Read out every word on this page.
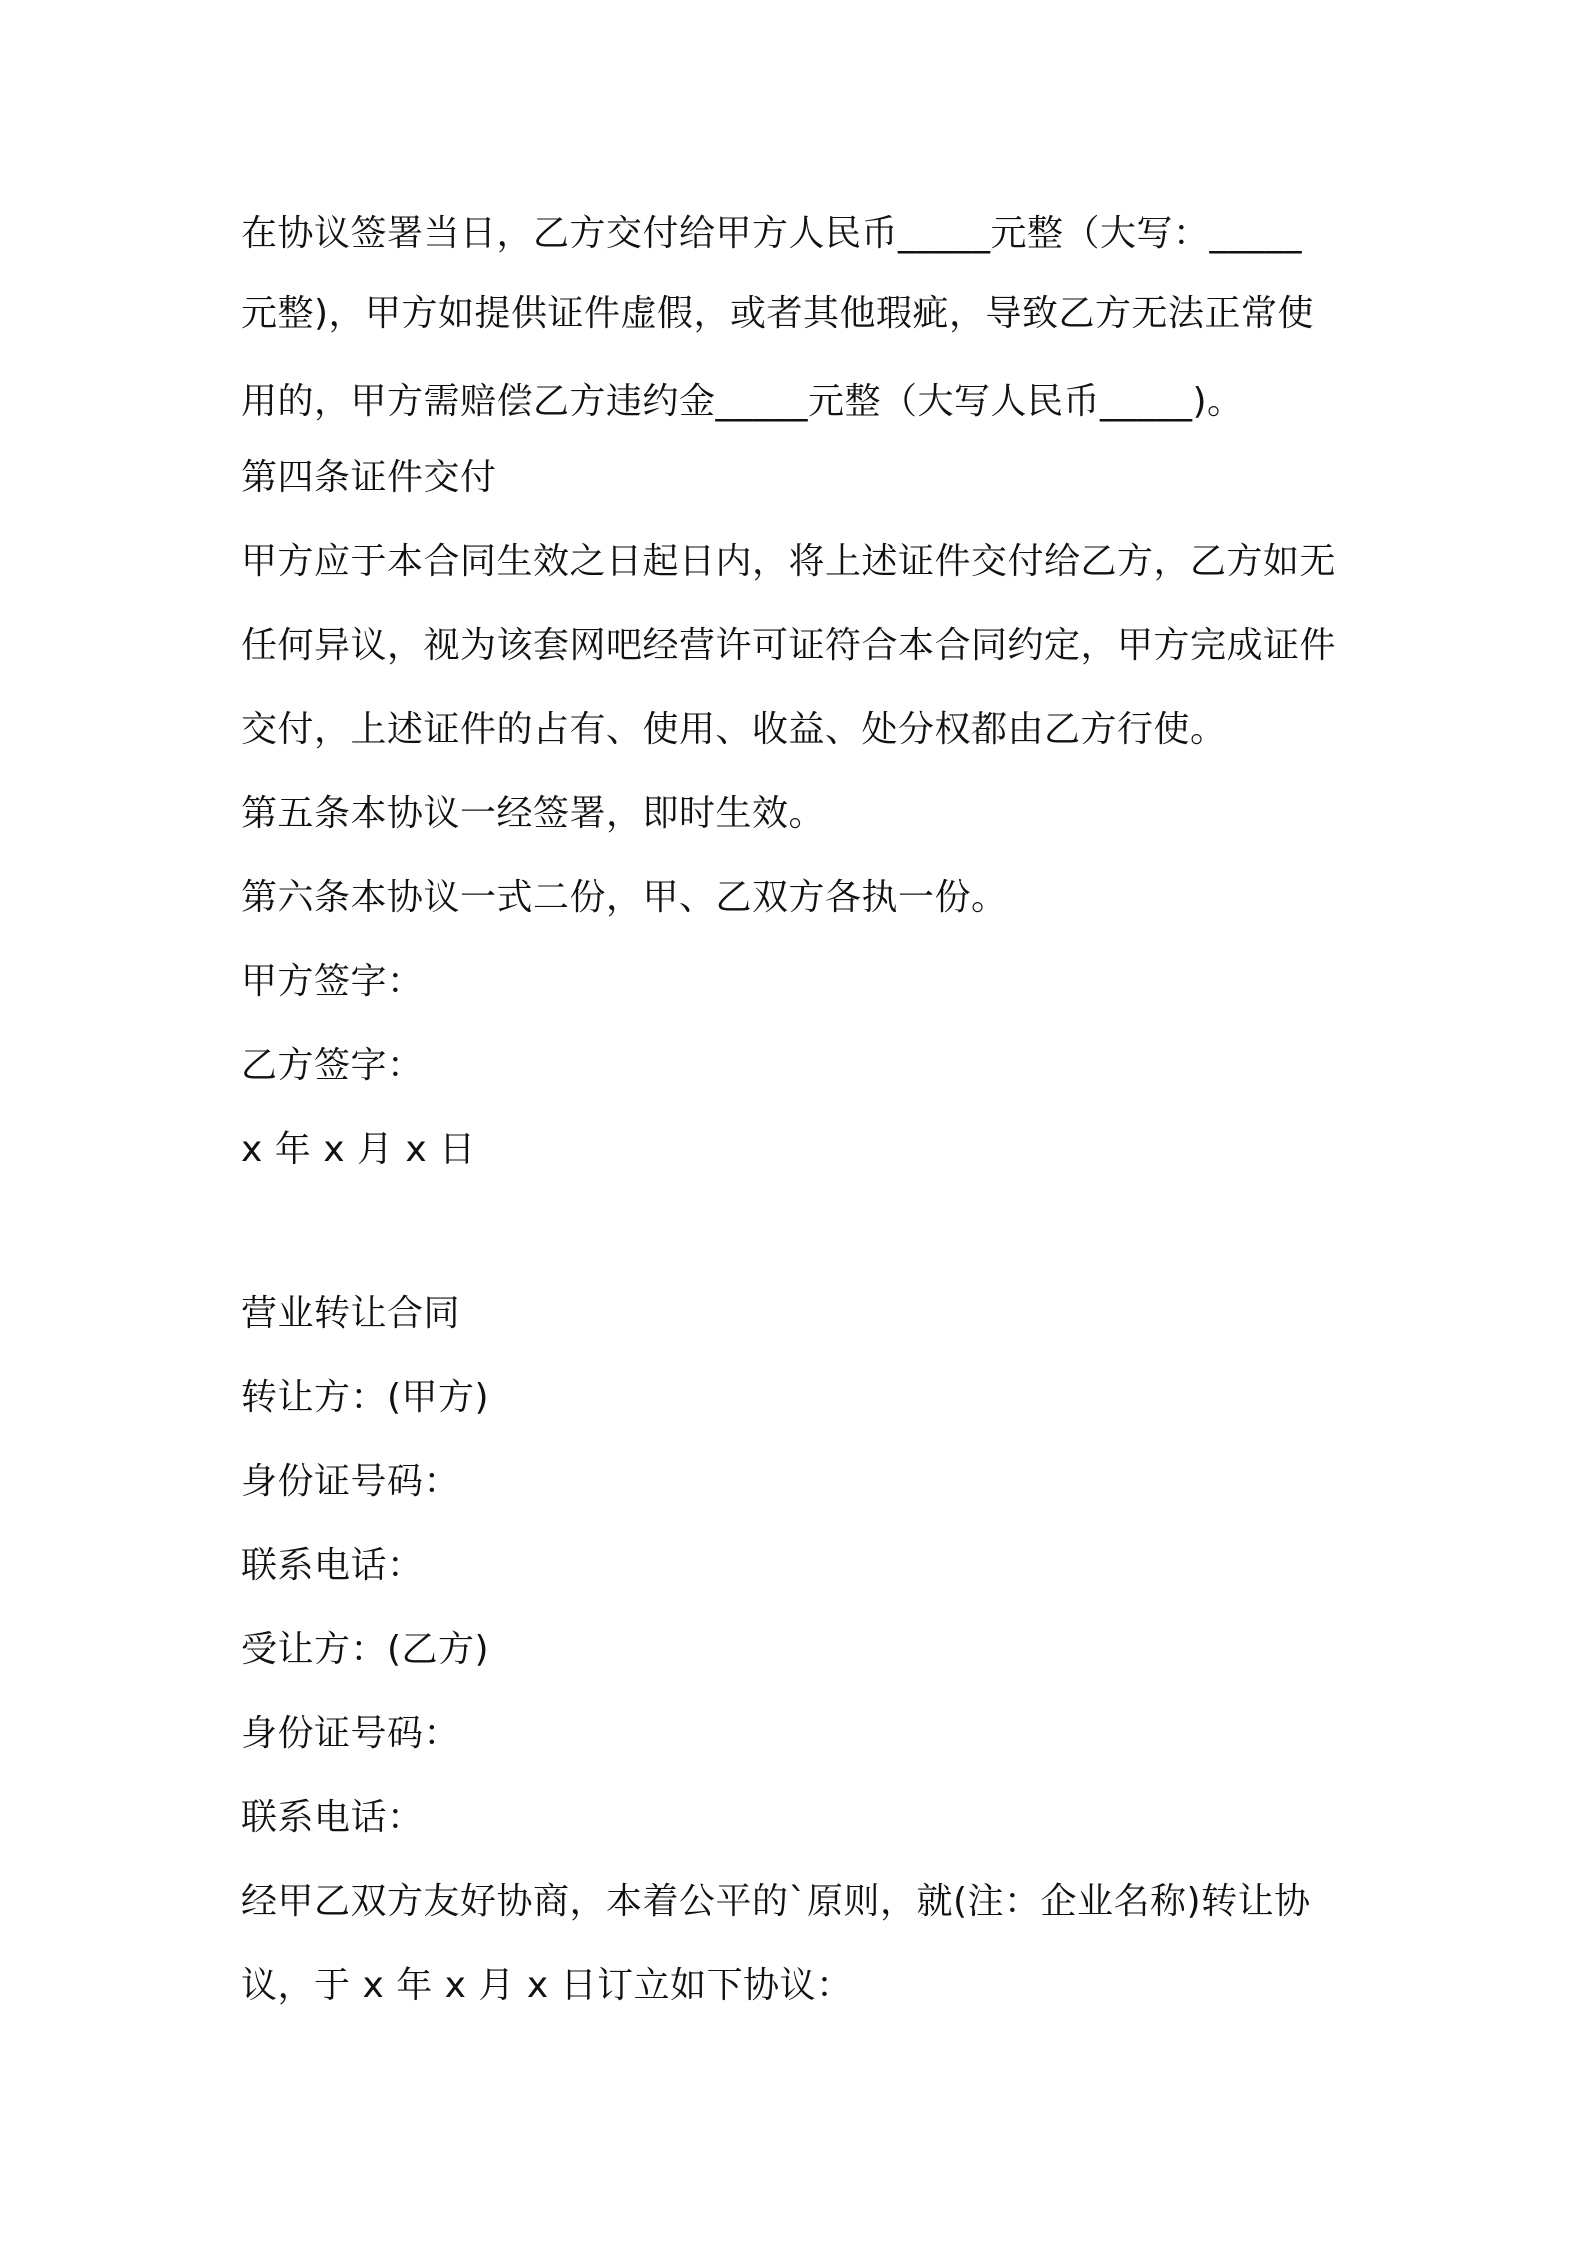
在协议签署当日，乙方交付给甲方人民币_____元整（大写：_____
元整)，甲方如提供证件虚假，或者其他瑕疵，导致乙方无法正常使
用的，甲方需赔偿乙方违约金_____元整（大写人民币_____)。
第四条证件交付
甲方应于本合同生效之日起日内，将上述证件交付给乙方，乙方如无
任何异议，视为该套网吧经营许可证符合本合同约定，甲方完成证件
交付，上述证件的占有、使用、收益、处分权都由乙方行使。
第五条本协议一经签署，即时生效。
第六条本协议一式二份，甲、乙双方各执一份。
甲方签字：
乙方签字：
x 年 x 月 x 日
营业转让合同
转让方：(甲方)
身份证号码：
联系电话：
受让方：(乙方)
身份证号码：
联系电话：
经甲乙双方友好协商，本着公平的`原则，就(注：企业名称)转让协
议，于 x 年 x 月 x 日订立如下协议：
